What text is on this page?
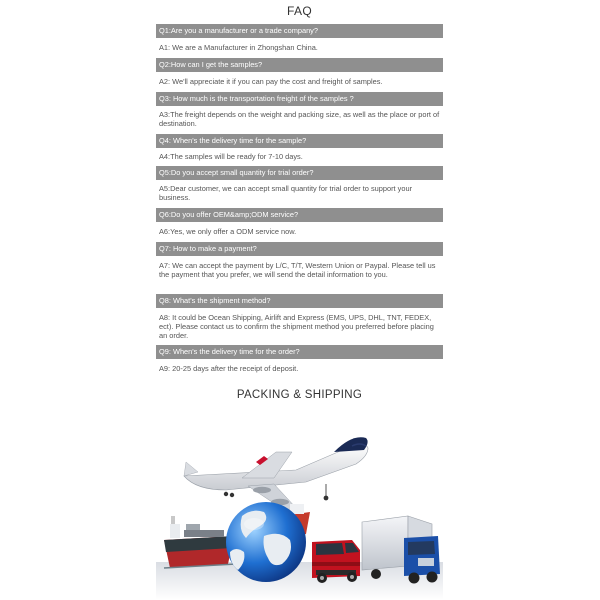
FAQ
Q1:Are you a manufacturer or a trade company?
A1: We are a Manufacturer in Zhongshan China.
Q2:How can I get the samples?
A2: We'll appreciate it if you can pay the cost and freight of samples.
Q3: How much is the transportation freight of the samples ?
A3:The freight depends on the weight and packing size, as well as the place or port of destination.
Q4: When's the delivery time for the sample?
A4:The samples will be ready for 7-10 days.
Q5:Do you accept small quantity for trial order?
A5:Dear customer, we can accept small quantity for trial order to support your business.
Q6:Do you offer OEM&amp;ODM service?
A6:Yes, we only offer a ODM service now.
Q7: How to make a payment?
A7: We can accept the payment by L/C, T/T, Western Union or Paypal. Please tell us the payment that you prefer, we will send the detail information to you.
Q8: What's the shipment method?
A8: It could be Ocean Shipping, Airlift and Express (EMS, UPS, DHL, TNT, FEDEX, ect). Please contact us to confirm the shipment method you preferred before placing an order.
Q9: When's the delivery time for the order?
A9: 20-25 days after the receipt of deposit.
PACKING & SHIPPING
